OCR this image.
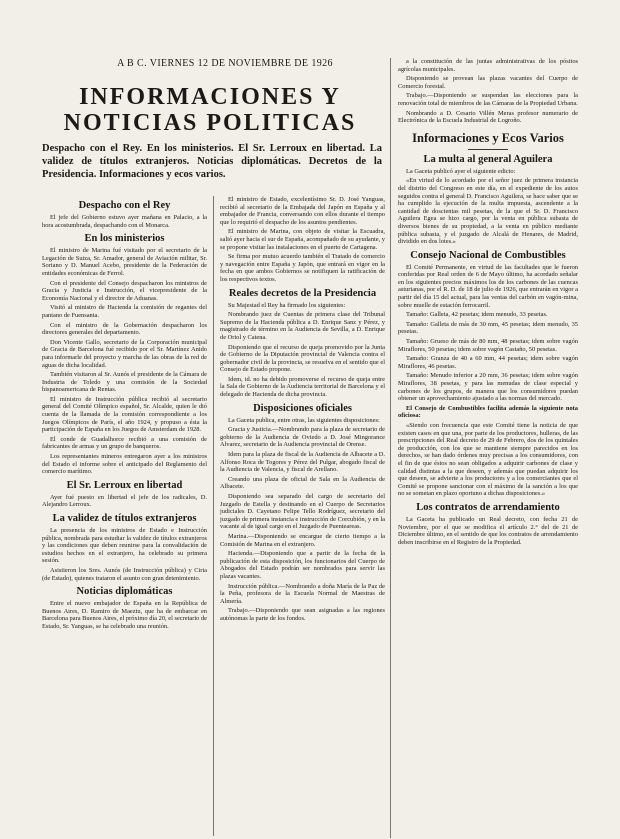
A B C. VIERNES 12 DE NOVIEMBRE DE 1926
INFORMACIONES Y NOTICIAS POLITICAS
Despacho con el Rey. En los ministerios. El Sr. Lerroux en libertad. La validez de títulos extranjeros. Noticias diplomáticas. Decretos de la Presidencia. Informaciones y ecos varios.
Despacho con el Rey

El jefe del Gobierno estuvo ayer mañana en Palacio, a la hora acostumbrada, despachando con el Monarca.

En los ministerios

El ministro de Marina fué visitado por el secretario de la Legación de Suiza, Sr. Amador, general de Aviación militar, Sr. Soriano y D. Manuel Acebo, presidente de la Federación de entidades económicas de Ferrol.

Con el presidente del Consejo despacharon los ministros de Gracia y Justicia e Instrucción, el vicepresidente de la Economía Nacional y el director de Aduanas.

Visitó al ministro de Hacienda la comisión de regantes del pantano de Fuensanta.

Con el ministro de la Gobernación despacharon los directores generales del departamento.

Don Vicente Gallo, secretario de la Corporación municipal de Gracia de Barcelona fué recibido por el Sr. Martínez Anido para informarle del proyecto y marcha de las obras de la red de aguas de dicha localidad.

También visitaron al Sr. Aunós el presidente de la Cámara de Industria de Toledo y una comisión de la Sociedad hispanoamericana de Rentas.

El ministro de Instrucción pública recibió al secretario general del Comité Olímpico español, Sr. Alcalde, quien le dió cuenta de la llamada de la comisión correspondiente a los Juegos Olímpicos de París, el año 1924, y propuso a ésta la participación de España en los Juegos de Amsterdam de 1928.

El conde de Guadalhorce recibió a una comisión de fabricantes de armas y un grupo de banqueros.

Los representantes mineros entregaron ayer a los ministros del Estado el informe sobre el anticipado del Reglamento del comercio marítimo.

El Sr. Lerroux en libertad

Ayer fué puesto en libertad el jefe de los radicales, D. Alejandro Lerroux.

La validez de títulos extranjeros

La presencia de los ministros de Estado e Instrucción pública, nombrada para estudiar la validez de títulos extranjeros y las condiciones que deben reunirse para la convalidación de estudios hechos en el extranjero, ha celebrado su primera sesión.

Asistieron los Sres. Aunós (de Instrucción pública) y Ciria (de Estado), quienes trataron el asunto con gran detenimiento.

Noticias diplomáticas

Entre el nuevo embajador de España en la República de Buenos Aires, D. Ramiro de Maeztu, que ha de embarcar en Barcelona para Buenos Aires, el próximo día 20, el secretario de Estado, Sr. Yanguas, se ha celebrado una reunión.

El ministro de Estado, excelentísimo Sr. D. José Yanguas, recibió al secretario de la Embajada del Japón en España y al embajador de Francia, conversando con ellos durante el tiempo que lo requirió el despacho de los asuntos pendientes.

El ministro de Marina, con objeto de visitar la Escuadra, salió ayer hacia el sur de España, acompañado de su ayudante, y se propone visitar las instalaciones en el puerto de Cartagena.

Se firma por mutuo acuerdo también el Tratado de comercio y navegación entre España y Japón, que entrará en vigor en la fecha en que ambos Gobiernos se notifiquen la ratificación de los respectivos textos.

Reales decretos de la Presidencia

Su Majestad el Rey ha firmado los siguientes:

Nombrando juez de Cuentas de primera clase del Tribunal Supremo de la Hacienda pública a D. Enrique Sanz y Pérez, y magistrado de término en la Audiencia de Sevilla, a D. Enrique de Oriol y Catena.

Disponiendo que el recurso de queja promovido por la Junta de Gobierno de la Diputación provincial de Valencia contra el gobernador civil de la provincia, se resuelva en el sentido que el Consejo de Estado propone.

Idem, id. no ha debido promoverse el recurso de queja entre la Sala de Gobierno de la Audiencia territorial de Barcelona y el delegado de Hacienda de dicha provincia.

Disposiciones oficiales

La Gaceta publica, entre otras, las siguientes disposiciones:

Gracia y Justicia.—Nombrando para la plaza de secretario de gobierno de la Audiencia de Oviedo a D. José Mingorance Alvarez, secretario de la Audiencia provincial de Orense.

Idem para la plaza de fiscal de la Audiencia de Albacete a D. Alfonso Roca de Togores y Pérez del Pulgar, abogado fiscal de la Audiencia de Valencia, y fiscal de Arellano.

Creando una plaza de oficial de Sala en la Audiencia de Albacete.

Disponiendo sea separado del cargo de secretario del Juzgado de Estella y destinando en el Cuerpo de Secretarios judiciales D. Cayetano Felipe Tello Rodríguez, secretario del juzgado de primera instancia e instrucción de Corcubión, y en la vacante al de igual cargo en el Juzgado de Puenteareas.

Marina.—Disponiendo se encargue de cierto tiempo a la Comisión de Marina en el extranjero.

Hacienda.—Disponiendo que a partir de la fecha de la publicación de esta disposición, los funcionarios del Cuerpo de Abogados del Estado podrán ser nombrados para servir las plazas vacantes.

Instrucción pública.—Nombrando a doña María de la Paz de la Peña, profesora de la Escuela Normal de Maestras de Almería.

Trabajo.—Disponiendo que sean asignadas a las regiones autónomas la parte de los fondos.

a la constitución de las juntas administrativas de los pósitos agrícolas municipales.

Disponiendo se provean las plazas vacantes del Cuerpo de Comercio forestal.

Trabajo.—Disponiendo se suspendan las elecciones para la renovación total de miembros de las Cámaras de la Propiedad Urbana.

Nombrando a D. Cesario Villén Meras profesor numerario de Electrónica de la Escuela Industrial de Logroño.

Informaciones y Ecos Varios
La multa al general Aguilera

La Gaceta publicó ayer el siguiente edicto:

«En virtud de lo acordado por el señor juez de primera instancia del distrito del Congreso en este día, en el expediente de los autos seguidos contra el general D. Francisco Aguilera, se hace saber que se ha cumplido la ejecución de la multa impuesta, ascendente a la cantidad de doscientas mil pesetas, de la que el Sr. D. Francisco Aguilera Egea se hizo cargo, por la venta en pública subasta de diversos bienes de su propiedad, a la venta en público mediante pública subasta, y el juzgado de Alcalá de Henares, de Madrid, dividido en dos lotes.»

Consejo Nacional de Combustibles

El Comité Permanente, en virtud de las facultades que le fueron conferidas por Real orden de 6 de Mayo último, ha acordado señalar en los siguientes precios máximos los de los carbones de las cuencas asturianas, por el R. D. de 18 de julio de 1926, que entrarán en vigor a partir del día 15 del actual, para las ventas del carbón en vagón-mina, sobre muelle de estación ferrocarril.

Tamaño: Galleta, 42 pesetas; idem menudo, 33 pesetas.

Tamaño: Galleta de más de 30 mm, 45 pesetas; idem menudo, 35 pesetas.

Tamaño: Grueso de más de 80 mm, 48 pesetas; idem sobre vagón Miraflores, 50 pesetas; idem sobre vagón Castaño, 50 pesetas.

Tamaño: Granza de 40 a 60 mm, 44 pesetas; idem sobre vagón Miraflores, 46 pesetas.

Tamaño: Menudo inferior a 20 mm, 36 pesetas; idem sobre vagón Miraflores, 38 pesetas, y para las menudas de clase especial y carbones de los grupos, de manera que los consumidores puedan obtener un aprovechamiento ajustado a las normas del mercado.

El Consejo de Combustibles facilita además la siguiente nota oficiosa:

«Siendo con frecuencia que este Comité tiene la noticia de que existen casos en que una, por parte de los productores, hulleras, de las prescripciones del Real decreto de 29 de Febrero, dos de los quintales de producción, con los que se mantiene siempre parecidos en los derechos, se han dado órdenes muy precisas a los consumidores, con el fin de que éstos no sean obligados a adquirir carbones de clase y calidad distintas a la que deseen, y además que puedan adquirir los que deseen, se advierte a los productores y a los comerciantes que el Comité se propone sancionar con el máximo de la sanción a los que no se sometan en plazo oportuno a dichas disposiciones.»

Los contratos de arrendamiento

La Gaceta ha publicado un Real decreto, con fecha 21 de Noviembre, por el que se modifica el artículo 2.° del de 21 de Diciembre último, en el sentido de que los contratos de arrendamiento deben inscribirse en el Registro de la Propiedad.
